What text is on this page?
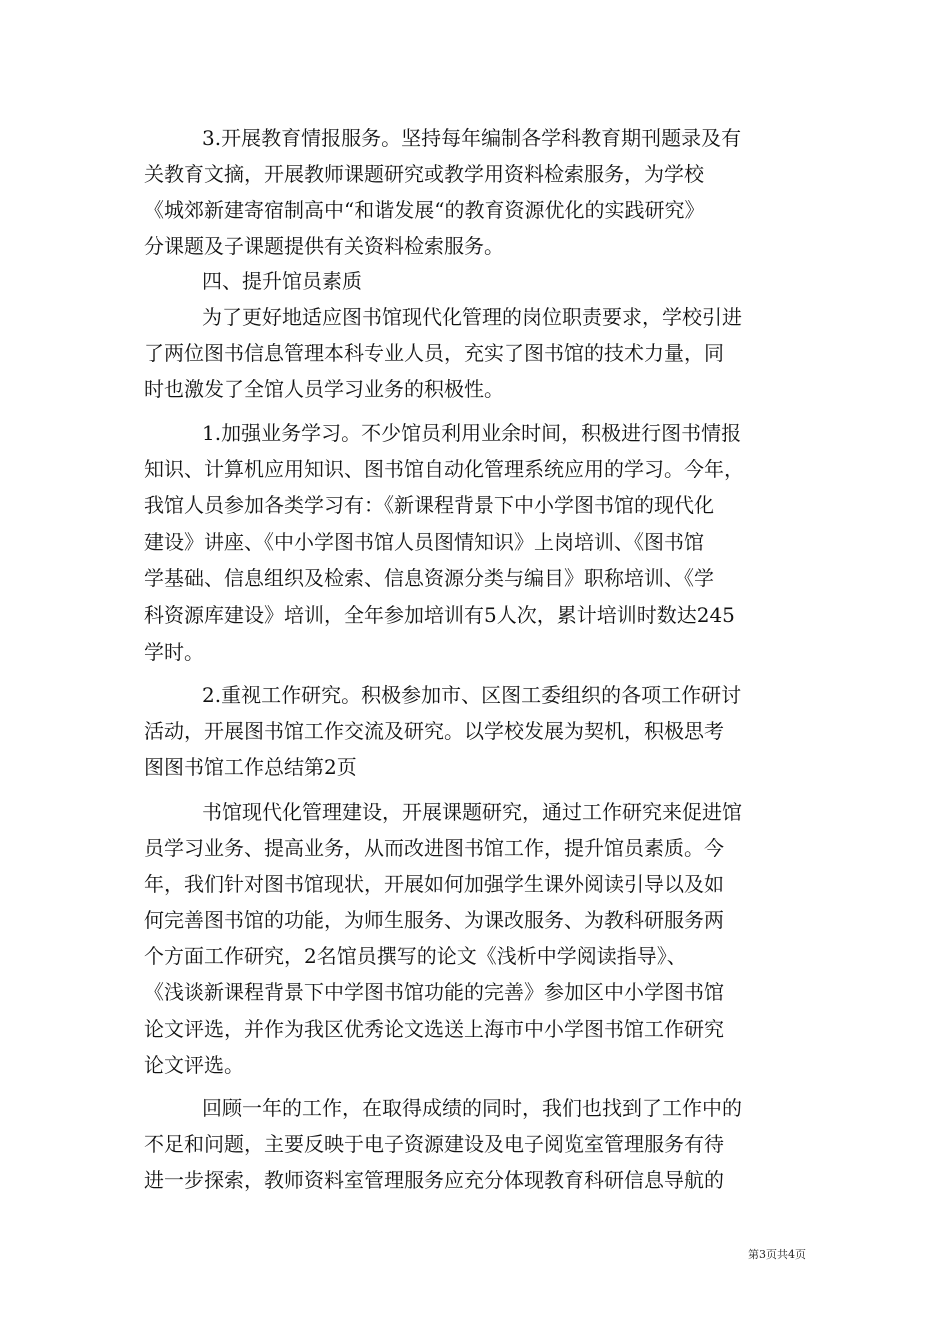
3.开展教育情报服务。坚持每年编制各学科教育期刊题录及有
关教育文摘，开展教师课题研究或教学用资料检索服务，为学校
《城郊新建寄宿制高中“和谐发展“的教育资源优化的实践研究》
分课题及子课题提供有关资料检索服务。
四、提升馆员素质
为了更好地适应图书馆现代化管理的岗位职责要求，学校引进
了两位图书信息管理本科专业人员，充实了图书馆的技术力量，同
时也激发了全馆人员学习业务的积极性。
1.加强业务学习。不少馆员利用业余时间，积极进行图书情报
知识、计算机应用知识、图书馆自动化管理系统应用的学习。今年，
我馆人员参加各类学习有：《新课程背景下中小学图书馆的现代化
建设》讲座、《中小学图书馆人员图情知识》上岗培训、《图书馆
学基础、信息组织及检索、信息资源分类与编目》职称培训、《学
科资源库建设》培训，全年参加培训有5人次，累计培训时数达245
学时。
2.重视工作研究。积极参加市、区图工委组织的各项工作研讨
活动，开展图书馆工作交流及研究。以学校发展为契机，积极思考
图图书馆工作总结第2页
书馆现代化管理建设，开展课题研究，通过工作研究来促进馆
员学习业务、提高业务，从而改进图书馆工作，提升馆员素质。今
年，我们针对图书馆现状，开展如何加强学生课外阅读引导以及如
何完善图书馆的功能，为师生服务、为课改服务、为教科研服务两
个方面工作研究，2名馆员撰写的论文《浅析中学阅读指导》、
《浅谈新课程背景下中学图书馆功能的完善》参加区中小学图书馆
论文评选，并作为我区优秀论文选送上海市中小学图书馆工作研究
论文评选。
回顾一年的工作，在取得成绩的同时，我们也找到了工作中的
不足和问题，主要反映于电子资源建设及电子阅览室管理服务有待
进一步探索，教师资料室管理服务应充分体现教育科研信息导航的
第3页共4页
